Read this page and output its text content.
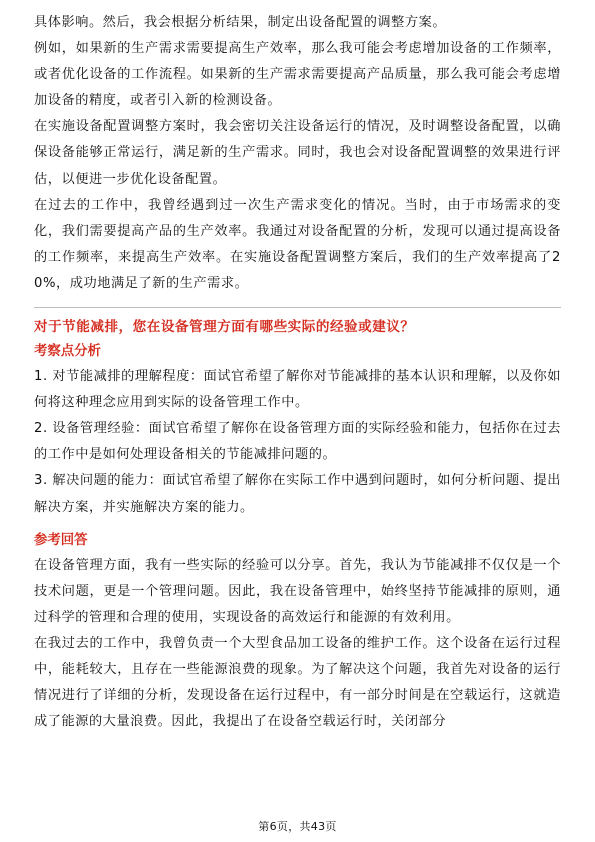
具体影响。然后，我会根据分析结果，制定出设备配置的调整方案。

例如，如果新的生产需求需要提高生产效率，那么我可能会考虑增加设备的工作频率，或者优化设备的工作流程。如果新的生产需求需要提高产品质量，那么我可能会考虑增加设备的精度，或者引入新的检测设备。

在实施设备配置调整方案时，我会密切关注设备运行的情况，及时调整设备配置，以确保设备能够正常运行，满足新的生产需求。同时，我也会对设备配置调整的效果进行评估，以便进一步优化设备配置。

在过去的工作中，我曾经遇到过一次生产需求变化的情况。当时，由于市场需求的变化，我们需要提高产品的生产效率。我通过对设备配置的分析，发现可以通过提高设备的工作频率，来提高生产效率。在实施设备配置调整方案后，我们的生产效率提高了20%，成功地满足了新的生产需求。

对于节能减排，您在设备管理方面有哪些实际的经验或建议？

考察点分析

1. 对节能减排的理解程度：面试官希望了解你对节能减排的基本认识和理解，以及你如何将这种理念应用到实际的设备管理工作中。

2. 设备管理经验：面试官希望了解你在设备管理方面的实际经验和能力，包括你在过去的工作中是如何处理设备相关的节能减排问题的。

3. 解决问题的能力：面试官希望了解你在实际工作中遇到问题时，如何分析问题、提出解决方案，并实施解决方案的能力。

参考回答

在设备管理方面，我有一些实际的经验可以分享。首先，我认为节能减排不仅仅是一个技术问题，更是一个管理问题。因此，我在设备管理中，始终坚持节能减排的原则，通过科学的管理和合理的使用，实现设备的高效运行和能源的有效利用。

在我过去的工作中，我曾负责一个大型食品加工设备的维护工作。这个设备在运行过程中，能耗较大，且存在一些能源浪费的现象。为了解决这个问题，我首先对设备的运行情况进行了详细的分析，发现设备在运行过程中，有一部分时间是在空载运行，这就造成了能源的大量浪费。因此，我提出了在设备空载运行时，关闭部分

第6页，共43页
